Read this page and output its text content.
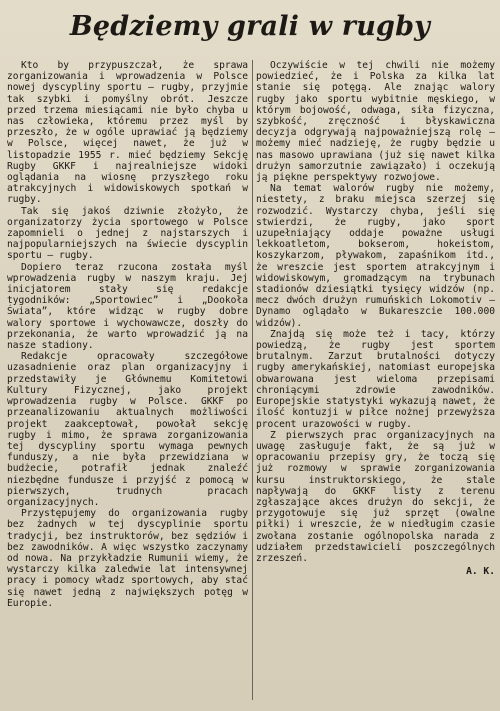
Będziemy grali w rugby

Kto by przypuszczał, że sprawa zorganizowania i wprowadzenia w Polsce nowej dyscypliny sportu — rugby, przyjmie tak szybki i pomyślny obrót. Jeszcze przed trzema miesiącami nie było chyba u nas człowieka, któremu przez myśl by przeszło, że w ogóle uprawiać ją będziemy w Polsce, więcej nawet, że już w listopadzie 1955 r. mieć będziemy Sekcję Rugby GKKF i najrealniejsze widoki oglądania na wiosnę przyszłego roku atrakcyjnych i widowiskowych spotkań w rugby.

Tak się jakoś dziwnie złożyło, że organizatorzy życia sportowego w Polsce zapomnieli o jednej z najstarszych i najpopularniejszych na świecie dyscyplin sportu — rugby.

Dopiero teraz rzucona została myśl wprowadzenia rugby w naszym kraju. Jej inicjatorem stały się redakcje tygodników: „Sportowiec” i „Dookoła Świata”, które widząc w rugby dobre walory sportowe i wychowawcze, doszły do przekonania, że warto wprowadzić ją na nasze stadiony.

Redakcje opracowały szczegółowe uzasadnienie oraz plan organizacyjny i przedstawiły je Głównemu Komitetowi Kultury Fizycznej, jako projekt wprowadzenia rugby w Polsce. GKKF po przeanalizowaniu aktualnych możliwości projekt zaakceptował, powołał sekcję rugby i mimo, że sprawa zorganizowania tej dyscypliny sportu wymaga pewnych funduszy, a nie była przewidziana w budżecie, potrafił jednak znaleźć niezbędne fundusze i przyjść z pomocą w pierwszych, trudnych pracach organizacyjnych.

Przystępujemy do organizowania rugby bez żadnych w tej dyscyplinie sportu tradycji, bez instruktorów, bez sędziów i bez zawodników. A więc wszystko zaczynamy od nowa. Na przykładzie Rumunii wiemy, że wystarczy kilka zaledwie lat intensywnej pracy i pomocy władz sportowych, aby stać się nawet jedną z największych potęg w Europie.

Oczywiście w tej chwili nie możemy powiedzieć, że i Polska za kilka lat stanie się potęgą. Ale znając walory rugby jako sportu wybitnie męskiego, w którym bojowość, odwaga, siła fizyczna, szybkość, zręczność i błyskawiczna decyzja odgrywają najpoważniejszą rolę — możemy mieć nadzieję, że rugby będzie u nas masowo uprawiana (już się nawet kilka drużyn samorzutnie zawiązało) i oczekują ją piękne perspektywy rozwojowe.

Na temat walorów rugby nie możemy, niestety, z braku miejsca szerzej się rozwodzić. Wystarczy chyba, jeśli się stwierdzi, że rugby, jako sport uzupełniający oddaje poważne usługi lekkoatletom, bokserom, hokeistom, koszykarzom, pływakom, zapaśnikom itd., że wreszcie jest sportem atrakcyjnym i widowiskowym, gromadzącym na trybunach stadionów dziesiątki tysięcy widzów (np. mecz dwóch drużyn rumuńskich Lokomotiv — Dynamo oglądało w Bukareszcie 100.000 widzów).

Znajdą się może też i tacy, którzy powiedzą, że rugby jest sportem brutalnym. Zarzut brutalności dotyczy rugby amerykańskiej, natomiast europejska obwarowana jest wieloma przepisami chroniącymi zdrowie zawodników. Europejskie statystyki wykazują nawet, że ilość kontuzji w piłce nożnej przewyższa procent urazowości w rugby.

Z pierwszych prac organizacyjnych na uwagę zasługuje fakt, że są już w opracowaniu przepisy gry, że toczą się już rozmowy w sprawie zorganizowania kursu instruktorskiego, że stale napływają do GKKF listy z terenu zgłaszające akces drużyn do sekcji, że przygotowuje się już sprzęt (owalne piłki) i wreszcie, że w niedługim czasie zwołana zostanie ogólnopolska narada z udziałem przedstawicieli poszczególnych zrzeszeń.

A. K.
